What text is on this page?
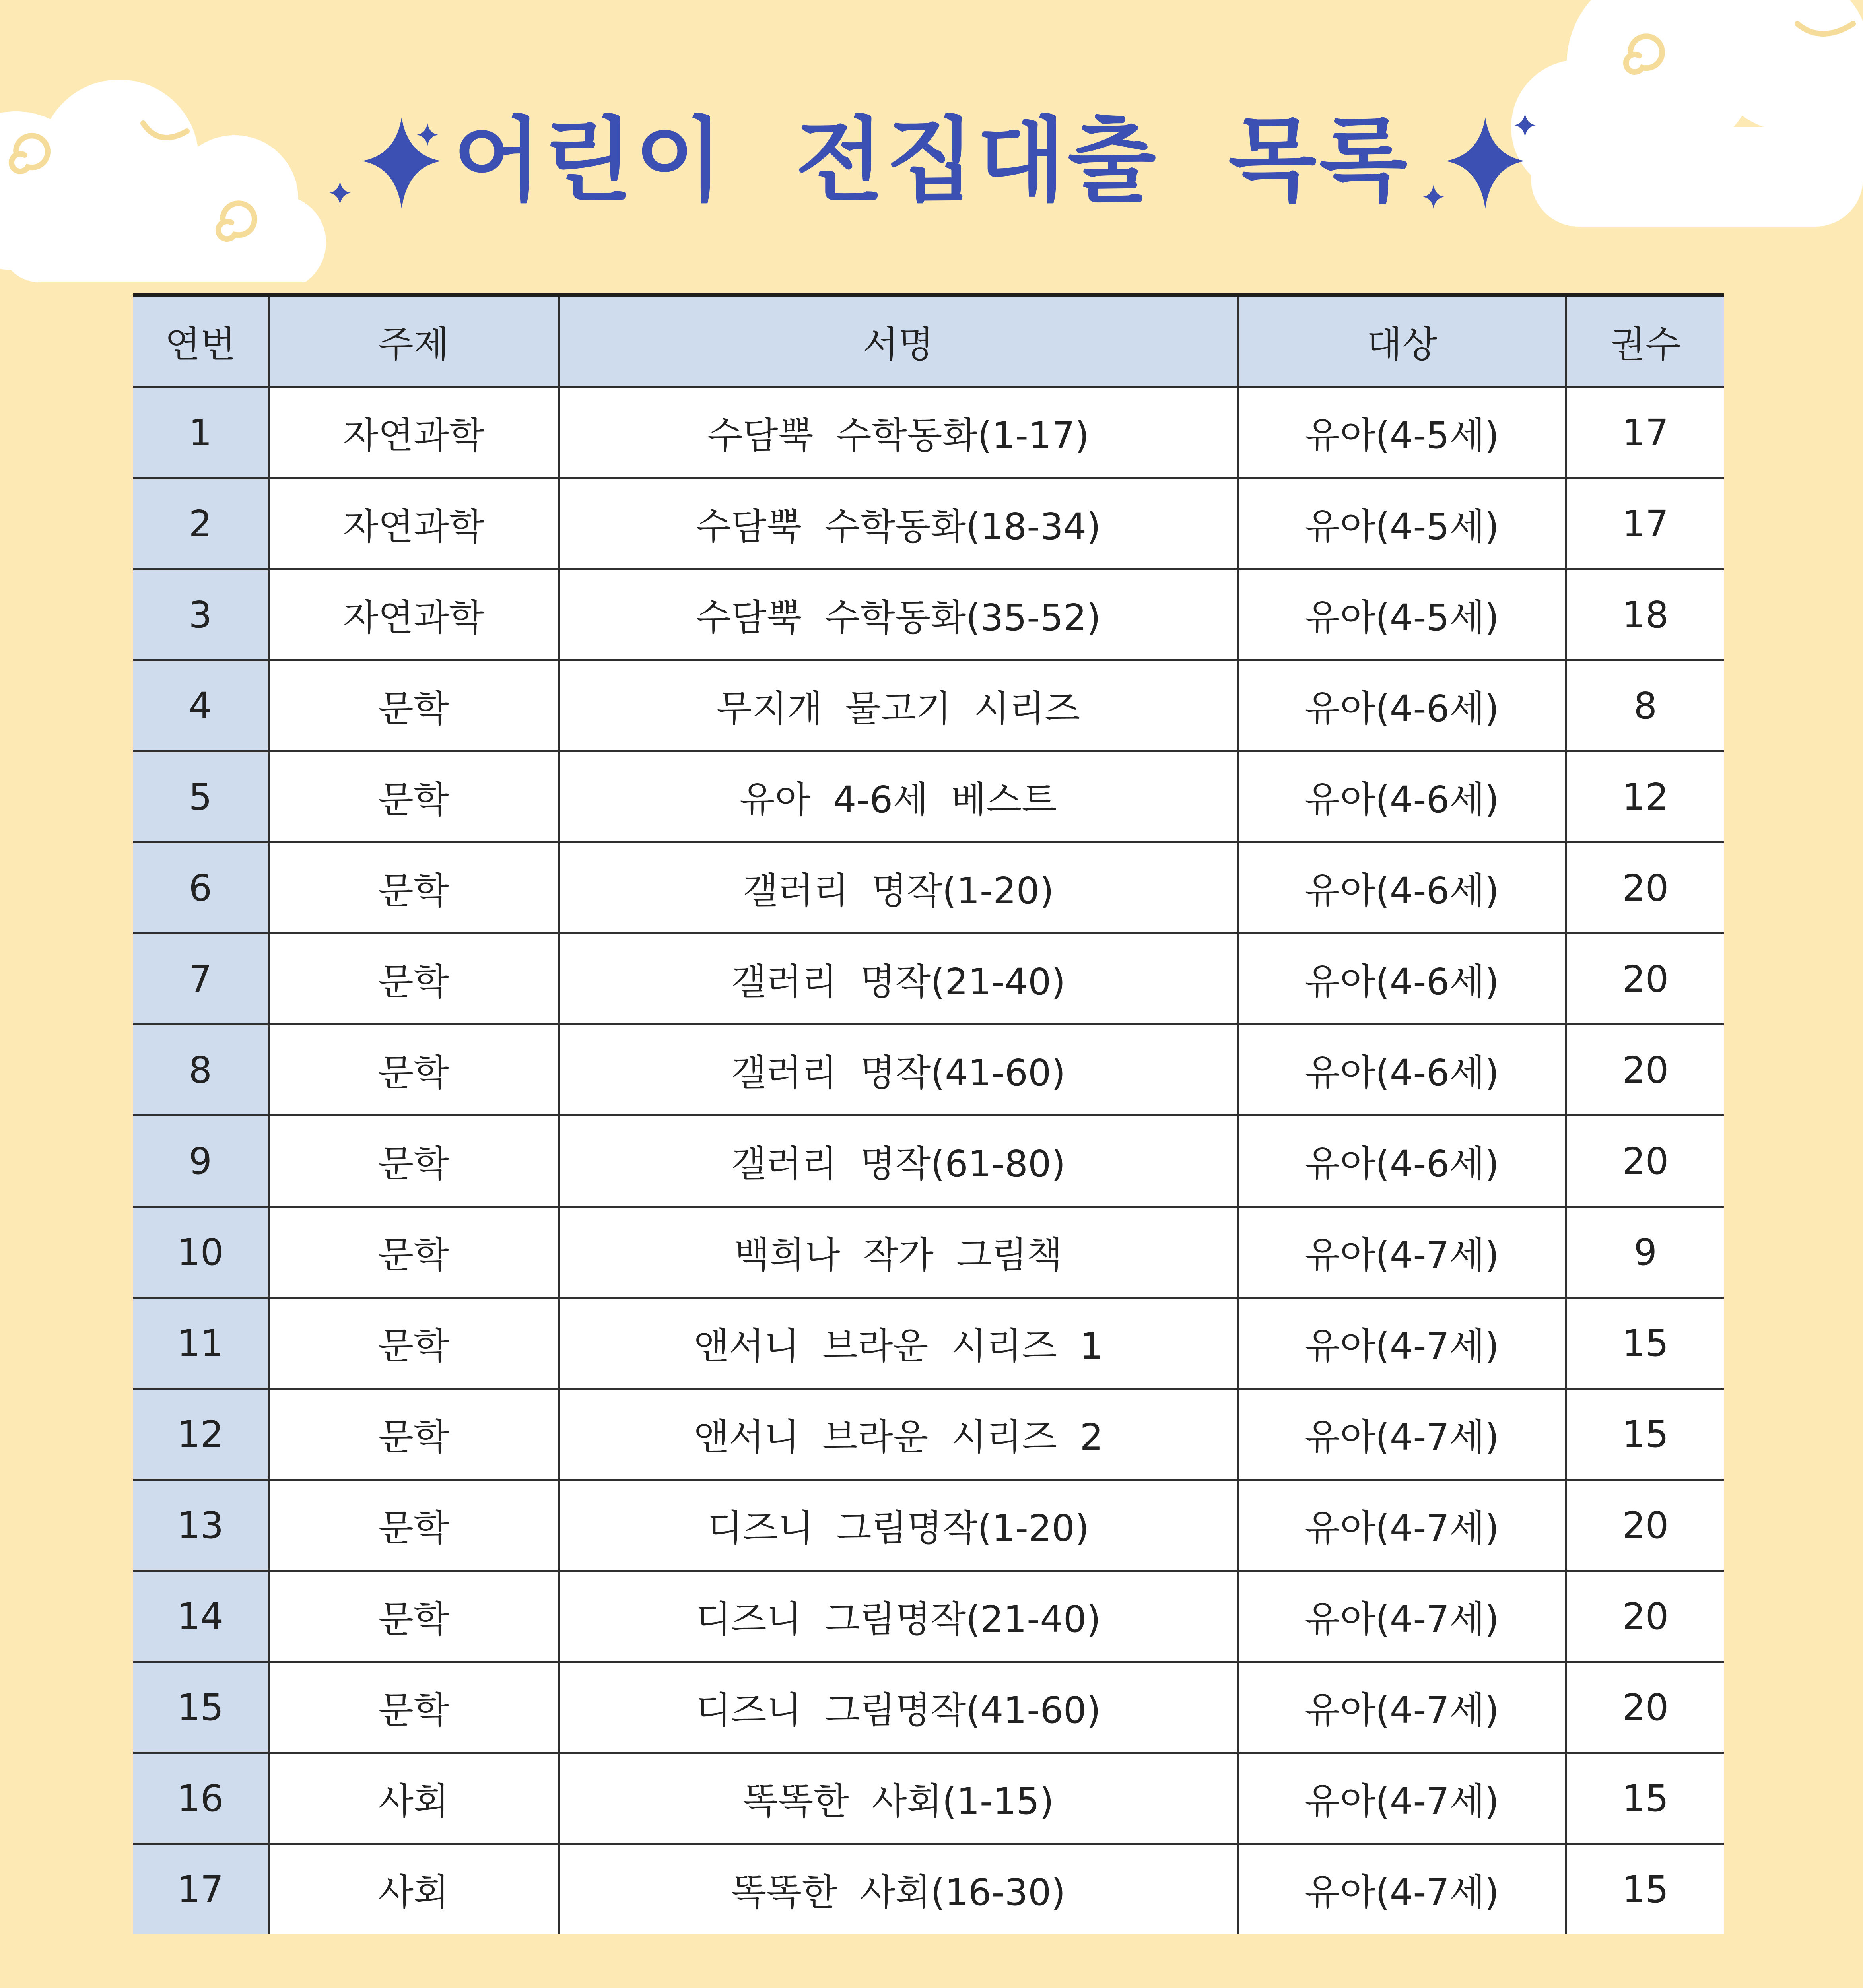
어린이 전집대출 목록
연번	주제	서명	대상	권수
1	자연과학	수담뿍 수학동화(1-17)	유아(4-5세)	17
2	자연과학	수담뿍 수학동화(18-34)	유아(4-5세)	17
3	자연과학	수담뿍 수학동화(35-52)	유아(4-5세)	18
4	문학	무지개 물고기 시리즈	유아(4-6세)	8
5	문학	유아 4-6세 베스트	유아(4-6세)	12
6	문학	갤러리 명작(1-20)	유아(4-6세)	20
7	문학	갤러리 명작(21-40)	유아(4-6세)	20
8	문학	갤러리 명작(41-60)	유아(4-6세)	20
9	문학	갤러리 명작(61-80)	유아(4-6세)	20
10	문학	백희나 작가 그림책	유아(4-7세)	9
11	문학	앤서니 브라운 시리즈 1	유아(4-7세)	15
12	문학	앤서니 브라운 시리즈 2	유아(4-7세)	15
13	문학	디즈니 그림명작(1-20)	유아(4-7세)	20
14	문학	디즈니 그림명작(21-40)	유아(4-7세)	20
15	문학	디즈니 그림명작(41-60)	유아(4-7세)	20
16	사회	똑똑한 사회(1-15)	유아(4-7세)	15
17	사회	똑똑한 사회(16-30)	유아(4-7세)	15
